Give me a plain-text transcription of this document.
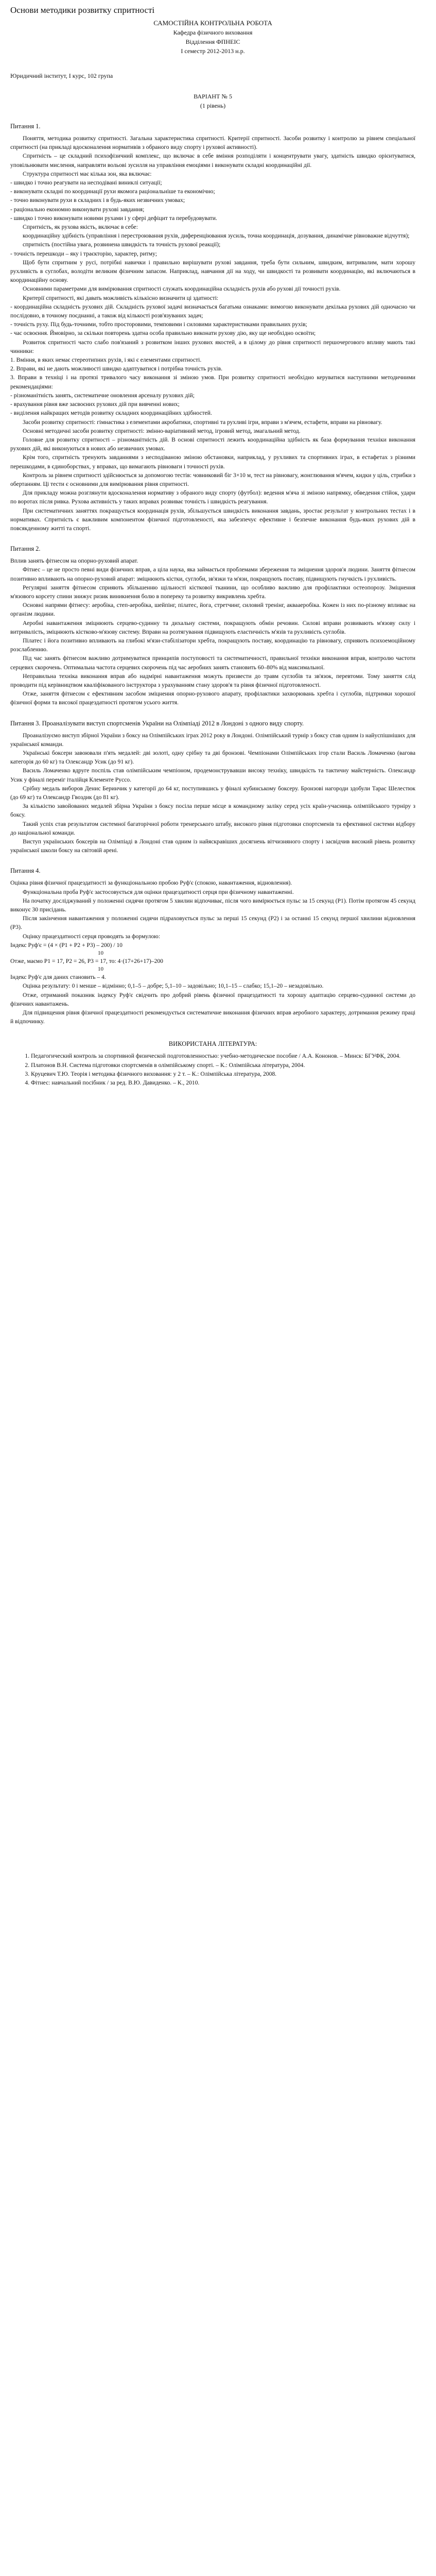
Основи методики розвитку спритності
САМОСТІЙНА КОНТРОЛЬНА РОБОТА
Кафедра фізичного виховання
Відділення ФПНЕІС
І семестр 2012-2013 н.р.
Юридичний інститут, І курс, 102 група
ВАРІАНТ № 5
(1 рівень)
Питання 1.

Поняття, методика розвитку спритності. Загальна характеристика спритності. Критерії спритності. Засоби розвитку і контролю за рівнем спеціальної спритності (на прикладі вдосконалення нормативів з обраного виду спорту і рухової активності).

Спритність – це складний психофізичний комплекс, що включає в себе вміння розподіляти і концентрувати увагу, здатність швидко орієнтуватися, уповільнювати мислення, направляти вольові зусилля на управління емоціями і виконувати складні координаційні дії.

Структура спритності має кілька зон, яка включає:

- швидко і точно реагувати на несподівані виниклі ситуації;

- виконувати складні по координації рухи якомога раціональніше та економічно;

- точно виконувати рухи в складних і в будь-яких незвичних умовах;

- раціонально економно виконувати рухові завдання;

- швидко і точно виконувати новими рухами і у сфері дефіцит та перебудовувати.

Спритність, як рухова якість, включає в себе:

координаційну здібність (управління і перестроювання рухів, диференціювання зусиль, точна координація, дозування, динамічне рівноважне відчуття);

спритність (постійна увага, розвинена швидкість та точність рухової реакції);

- точність перешкоди – яку і траєкторію, характер, ритму;

Щоб бути спритним у русі, потрібні навички і правильно вирішувати рухові завдання, треба бути сильним, швидким, витривалим, мати хорошу рухливість в суглобах, володіти великим фізичним запасом. Наприклад, навчання дії на ходу, чи швидкості та розвивати координацію, які включаються в координаційну основу.

Основними параметрами для вимірювання спритності служать координаційна складність рухів або рухові дії точності рухів.

Критерії спритності, які давать можливість кількісно визначити ці здатності:

- координаційна складність рухових дій. Складність рухової задачі визначається багатьма ознаками: вимогою виконувати декілька рухових дій одночасно чи послідовно, в точному поєднанні, а також від кількості розв'язуваних задач;

- точність руху. Під будь-точними, тобто просторовими, темповими і силовими характеристиками правильних рухів;

- час освоєння. Ймовірно, за скільки повторень здатна особа правильно виконати рухову дію, яку ще необхідно освоїти;

Розвиток спритності часто слабо пов'язаний з розвитком інших рухових якостей, а в цілому до рівня спритності першочергового впливу мають такі чинники:

1. Вміння, в яких немає стереотипних рухів, і які є елементами спритності.

2. Вправи, які не дають можливості швидко адаптуватися і потрібна точність рухів.

3. Вправи в техніці і на протязі тривалого часу виконання зі зміною умов. При розвитку спритності необхідно керуватися наступними методичними рекомендаціями:

- різноманітність занять, систематичне оновлення арсеналу рухових дій;

- врахування рівня вже засвоєних рухових дій при вивченні нових;

- виділення найкращих методів розвитку складних координаційних здібностей.

Засоби розвитку спритності: гімнастика з елементами акробатики, спортивні та рухливі ігри, вправи з м'ячем, естафети, вправи на рівновагу.

Основні методичні засоби розвитку спритності: змінно-варіативний метод, ігровий метод, змагальний метод.

Головне для розвитку спритності – різноманітність дій. В основі спритності лежить координаційна здібність як база формування техніки виконання рухових дій, які виконуються в нових або незвичних умовах.

Крім того, спритність тренують завданнями з несподіваною зміною обстановки, наприклад, у рухливих та спортивних іграх, в естафетах з різними перешкодами, в єдиноборствах, у вправах, що вимагають рівноваги і точності рухів.

Контроль за рівнем спритності здійснюється за допомогою тестів: човниковий біг 3×10 м, тест на рівновагу, жонглювання м'ячем, кидки у ціль, стрибки з обертанням. Ці тести є основними для вимірювання рівня спритності.

Для прикладу можна розглянути вдосконалення нормативу з обраного виду спорту (футбол): ведення м'яча зі зміною напрямку, обведення стійок, удари по воротах після ривка. Рухова активність у таких вправах розвиває точність і швидкість реагування.

При систематичних заняттях покращується координація рухів, збільшується швидкість виконання завдань, зростає результат у контрольних тестах і в нормативах. Спритність є важливим компонентом фізичної підготовленості, яка забезпечує ефективне і безпечне виконання будь-яких рухових дій в повсякденному житті та спорті.

Питання 2.

Вплив занять фітнесом на опорно-руховий апарат.

Фітнес – це не просто певні види фізичних вправ, а ціла наука, яка займається проблемами збереження та зміцнення здоров'я людини. Заняття фітнесом позитивно впливають на опорно-руховий апарат: зміцнюють кістки, суглоби, зв'язки та м'язи, покращують поставу, підвищують гнучкість і рухливість.

Регулярні заняття фітнесом сприяють збільшенню щільності кісткової тканини, що особливо важливо для профілактики остеопорозу. Зміцнення м'язового корсету спини знижує ризик виникнення болю в попереку та розвитку викривлень хребта.

Основні напрями фітнесу: аеробіка, степ-аеробіка, шейпінг, пілатес, йога, стретчинг, силовий тренінг, аквааеробіка. Кожен із них по-різному впливає на організм людини.

Аеробні навантаження зміцнюють серцево-судинну та дихальну системи, покращують обмін речовин. Силові вправи розвивають м'язову силу і витривалість, зміцнюють кістково-м'язову систему. Вправи на розтягування підвищують еластичність м'язів та рухливість суглобів.

Пілатес і йога позитивно впливають на глибокі м'язи-стабілізатори хребта, покращують поставу, координацію та рівновагу, сприяють психоемоційному розслабленню.

Під час занять фітнесом важливо дотримуватися принципів поступовості та систематичності, правильної техніки виконання вправ, контролю частоти серцевих скорочень. Оптимальна частота серцевих скорочень під час аеробних занять становить 60–80% від максимальної.

Неправильна техніка виконання вправ або надмірні навантаження можуть призвести до травм суглобів та зв'язок, перевтоми. Тому заняття слід проводити під керівництвом кваліфікованого інструктора з урахуванням стану здоров'я та рівня фізичної підготовленості.

Отже, заняття фітнесом є ефективним засобом зміцнення опорно-рухового апарату, профілактики захворювань хребта і суглобів, підтримки хорошої фізичної форми та високої працездатності протягом усього життя.

Питання 3. Проаналізувати виступ спортсменів України на Олімпіаді 2012 в Лондоні з одного виду спорту.

Проаналізуємо виступ збірної України з боксу на Олімпійських іграх 2012 року в Лондоні. Олімпійський турнір з боксу став одним із найуспішніших для української команди.

Українські боксери завоювали п'ять медалей: дві золоті, одну срібну та дві бронзові. Чемпіонами Олімпійських ігор стали Василь Ломаченко (вагова категорія до 60 кг) та Олександр Усик (до 91 кг).

Василь Ломаченко вдруге поспіль став олімпійським чемпіоном, продемонструвавши високу техніку, швидкість та тактичну майстерність. Олександр Усик у фіналі переміг італійця Клементе Руссо.

Срібну медаль виборов Денис Беринчик у категорії до 64 кг, поступившись у фіналі кубинському боксеру. Бронзові нагороди здобули Тарас Шелестюк (до 69 кг) та Олександр Гвоздик (до 81 кг).

За кількістю завойованих медалей збірна України з боксу посіла перше місце в командному заліку серед усіх країн-учасниць олімпійського турніру з боксу.

Такий успіх став результатом системної багаторічної роботи тренерського штабу, високого рівня підготовки спортсменів та ефективної системи відбору до національної команди.

Виступ українських боксерів на Олімпіаді в Лондоні став одним із найяскравіших досягнень вітчизняного спорту і засвідчив високий рівень розвитку української школи боксу на світовій арені.

Питання 4.

Оцінка рівня фізичної працездатності за функціональною пробою Руф'є (спокою, навантаження, відновлення).

Функціональна проба Руф'є застосовується для оцінки працездатності серця при фізичному навантаженні.

На початку досліджуваний у положенні сидячи протягом 5 хвилин відпочиває, після чого вимірюється пульс за 15 секунд (P1). Потім протягом 45 секунд виконує 30 присідань.

Після закінчення навантаження у положенні сидячи підраховується пульс за перші 15 секунд (P2) і за останні 15 секунд першої хвилини відновлення (P3).

Оцінку працездатності серця проводять за формулою:

Індекс Руф'є = (4 × (P1 + P2 + P3) – 200) / 10

10

Отже, маємо P1 = 17, P2 = 26, P3 = 17, то: 4·(17+26+17)–200

10

Індекс Руф'є для даних становить – 4.

Оцінка результату: 0 і менше – відмінно; 0,1–5 – добре; 5,1–10 – задовільно; 10,1–15 – слабко; 15,1–20 – незадовільно.

Отже, отриманий показник індексу Руф'є свідчить про добрий рівень фізичної працездатності та хорошу адаптацію серцево-судинної системи до фізичних навантажень.

Для підвищення рівня фізичної працездатності рекомендується систематичне виконання фізичних вправ аеробного характеру, дотримання режиму праці й відпочинку.

ВИКОРИСТАНА ЛІТЕРАТУРА:
1. Педагогический контроль за спортивной физической подготовленностью: учебно-методическое пособие / А.А. Кононов. – Минск: БГУФК, 2004.
2. Платонов В.Н. Система підготовки спортсменів в олімпійському спорті. – К.: Олімпійська література, 2004.
3. Круцевич Т.Ю. Теорія і методика фізичного виховання: у 2 т. – К.: Олімпійська література, 2008.
4. Фітнес: навчальний посібник / за ред. В.Ю. Давиденко. – К., 2010.
